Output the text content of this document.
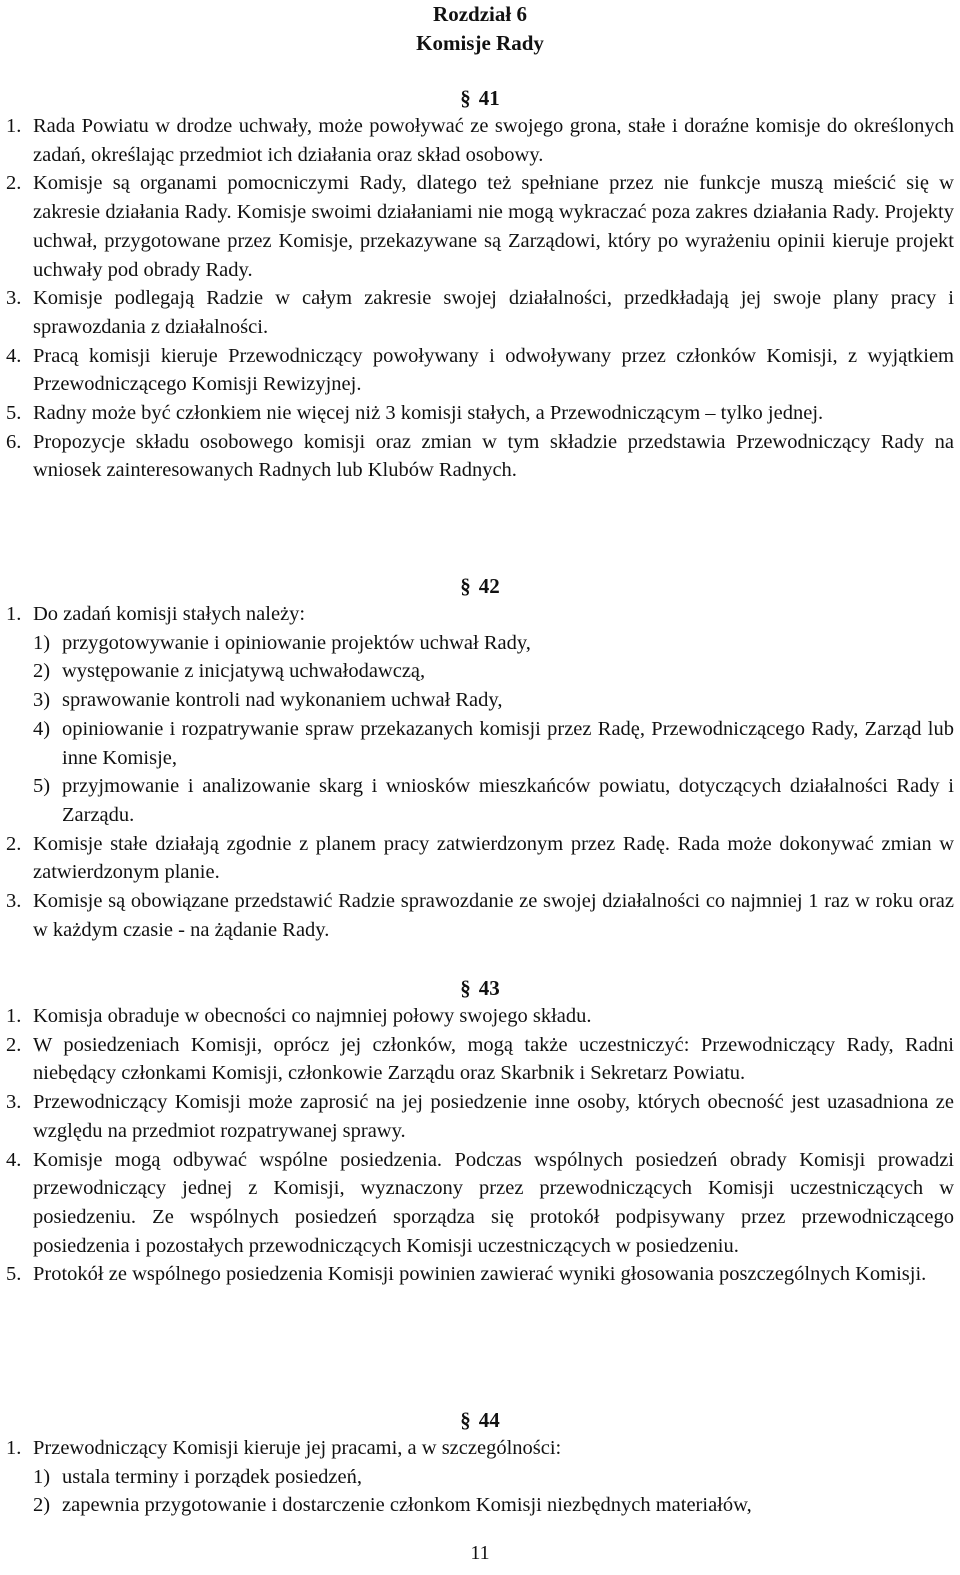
Rozdział 6
Komisje Rady
§ 41
1. Rada Powiatu w drodze uchwały, może powoływać ze swojego grona, stałe i doraźne komisje do określonych zadań, określając przedmiot ich działania oraz skład osobowy.
2. Komisje są organami pomocniczymi Rady, dlatego też spełniane przez nie funkcje muszą mieścić się w zakresie działania Rady. Komisje swoimi działaniami nie mogą wykraczać poza zakres działania Rady. Projekty uchwał, przygotowane przez Komisje, przekazywane są Zarządowi, który po wyrażeniu opinii kieruje projekt uchwały pod obrady Rady.
3. Komisje podlegają Radzie w całym zakresie swojej działalności, przedkładają jej swoje plany pracy i sprawozdania z działalności.
4. Pracą komisji kieruje Przewodniczący powoływany i odwoływany przez członków Komisji, z wyjątkiem Przewodniczącego Komisji Rewizyjnej.
5. Radny może być członkiem nie więcej niż 3 komisji stałych, a Przewodniczącym – tylko jednej.
6. Propozycje składu osobowego komisji oraz zmian w tym składzie przedstawia Przewodniczący Rady na wniosek zainteresowanych Radnych lub Klubów Radnych.
§ 42
1. Do zadań komisji stałych należy:
1) przygotowywanie i opiniowanie projektów uchwał Rady,
2) występowanie z inicjatywą uchwałodawczą,
3) sprawowanie kontroli nad wykonaniem uchwał Rady,
4) opiniowanie i rozpatrywanie spraw przekazanych komisji przez Radę, Przewodniczącego Rady, Zarząd lub inne Komisje,
5) przyjmowanie i analizowanie skarg i wniosków mieszkańców powiatu, dotyczących działalności Rady i Zarządu.
2. Komisje stałe działają zgodnie z planem pracy zatwierdzonym przez Radę. Rada może dokonywać zmian w zatwierdzonym planie.
3. Komisje są obowiązane przedstawić Radzie sprawozdanie ze swojej działalności co najmniej 1 raz w roku oraz w każdym czasie - na żądanie Rady.
§ 43
1. Komisja obraduje w obecności co najmniej połowy swojego składu.
2. W posiedzeniach Komisji, oprócz jej członków, mogą także uczestniczyć: Przewodniczący Rady, Radni niebędący członkami Komisji, członkowie Zarządu oraz Skarbnik i Sekretarz Powiatu.
3. Przewodniczący Komisji może zaprosić na jej posiedzenie inne osoby, których obecność jest uzasadniona ze względu na przedmiot rozpatrywanej sprawy.
4. Komisje mogą odbywać wspólne posiedzenia. Podczas wspólnych posiedzeń obrady Komisji prowadzi przewodniczący jednej z Komisji, wyznaczony przez przewodniczących Komisji uczestniczących w posiedzeniu. Ze wspólnych posiedzeń sporządza się protokół podpisywany przez przewodniczącego posiedzenia i pozostałych przewodniczących Komisji uczestniczących w posiedzeniu.
5. Protokół ze wspólnego posiedzenia Komisji powinien zawierać wyniki głosowania poszczególnych Komisji.
§ 44
1. Przewodniczący Komisji kieruje jej pracami, a w szczególności:
1) ustala terminy i porządek posiedzeń,
2) zapewnia przygotowanie i dostarczenie członkom Komisji niezbędnych materiałów,
11
